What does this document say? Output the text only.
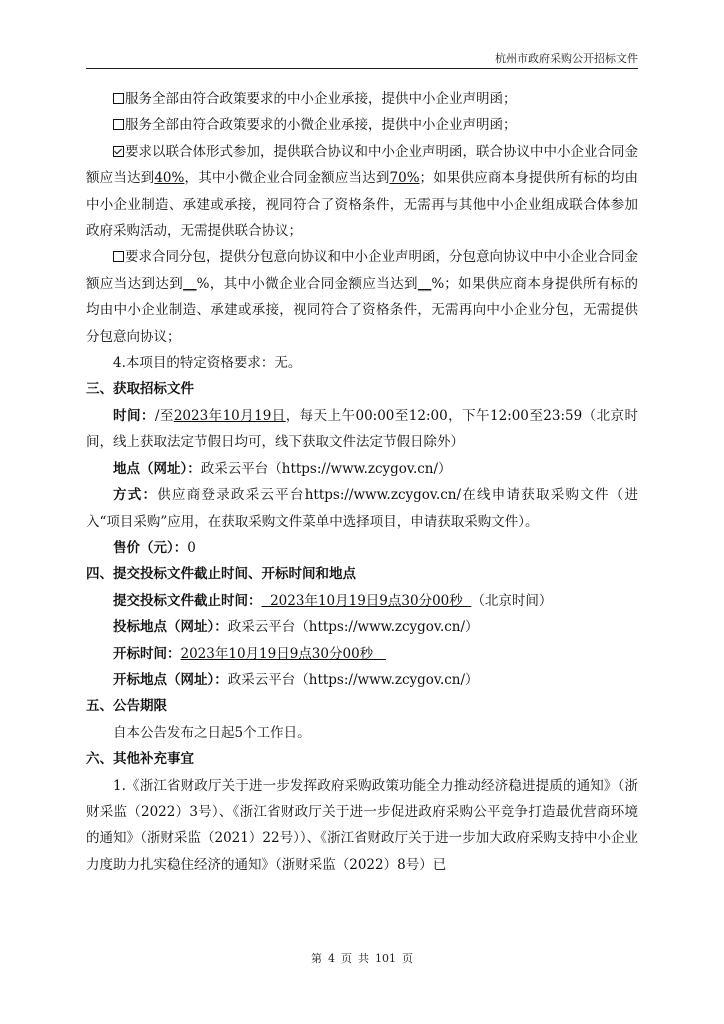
杭州市政府采购公开招标文件

服务全部由符合政策要求的中小企业承接，提供中小企业声明函；

服务全部由符合政策要求的小微企业承接，提供中小企业声明函；

要求以联合体形式参加，提供联合协议和中小企业声明函，联合协议中中小企业合同金额应当达到40%，其中小微企业合同金额应当达到70%；如果供应商本身提供所有标的均由中小企业制造、承建或承接，视同符合了资格条件，无需再与其他中小企业组成联合体参加政府采购活动，无需提供联合协议；

要求合同分包，提供分包意向协议和中小企业声明函，分包意向协议中中小企业合同金额应当达到达到__%，其中小微企业合同金额应当达到__%；如果供应商本身提供所有标的均由中小企业制造、承建或承接，视同符合了资格条件，无需再向中小企业分包，无需提供分包意向协议；

4.本项目的特定资格要求：无。

三、获取招标文件

时间：/至2023年10月19日，每天上午00:00至12:00，下午12:00至23:59（北京时间，线上获取法定节假日均可，线下获取文件法定节假日除外）

地点（网址）：政采云平台（https://www.zcygov.cn/）

方式：供应商登录政采云平台https://www.zcygov.cn/在线申请获取采购文件（进入“项目采购”应用，在获取采购文件菜单中选择项目，申请获取采购文件）。

售价（元）：0

四、提交投标文件截止时间、开标时间和地点

提交投标文件截止时间：  2023年10月19日9点30分00秒  （北京时间）

投标地点（网址）：政采云平台（https://www.zcygov.cn/）

开标时间：2023年10月19日9点30分00秒

开标地点（网址）：政采云平台（https://www.zcygov.cn/）

五、公告期限

自本公告发布之日起5个工作日。

六、其他补充事宜

1.《浙江省财政厅关于进一步发挥政府采购政策功能全力推动经济稳进提质的通知》（浙财采监（2022）3号）、《浙江省财政厅关于进一步促进政府采购公平竞争打造最优营商环境的通知》（浙财采监（2021）22号））、《浙江省财政厅关于进一步加大政府采购支持中小企业力度助力扎实稳住经济的通知》（浙财采监（2022）8号）已

第 4 页 共 101 页
